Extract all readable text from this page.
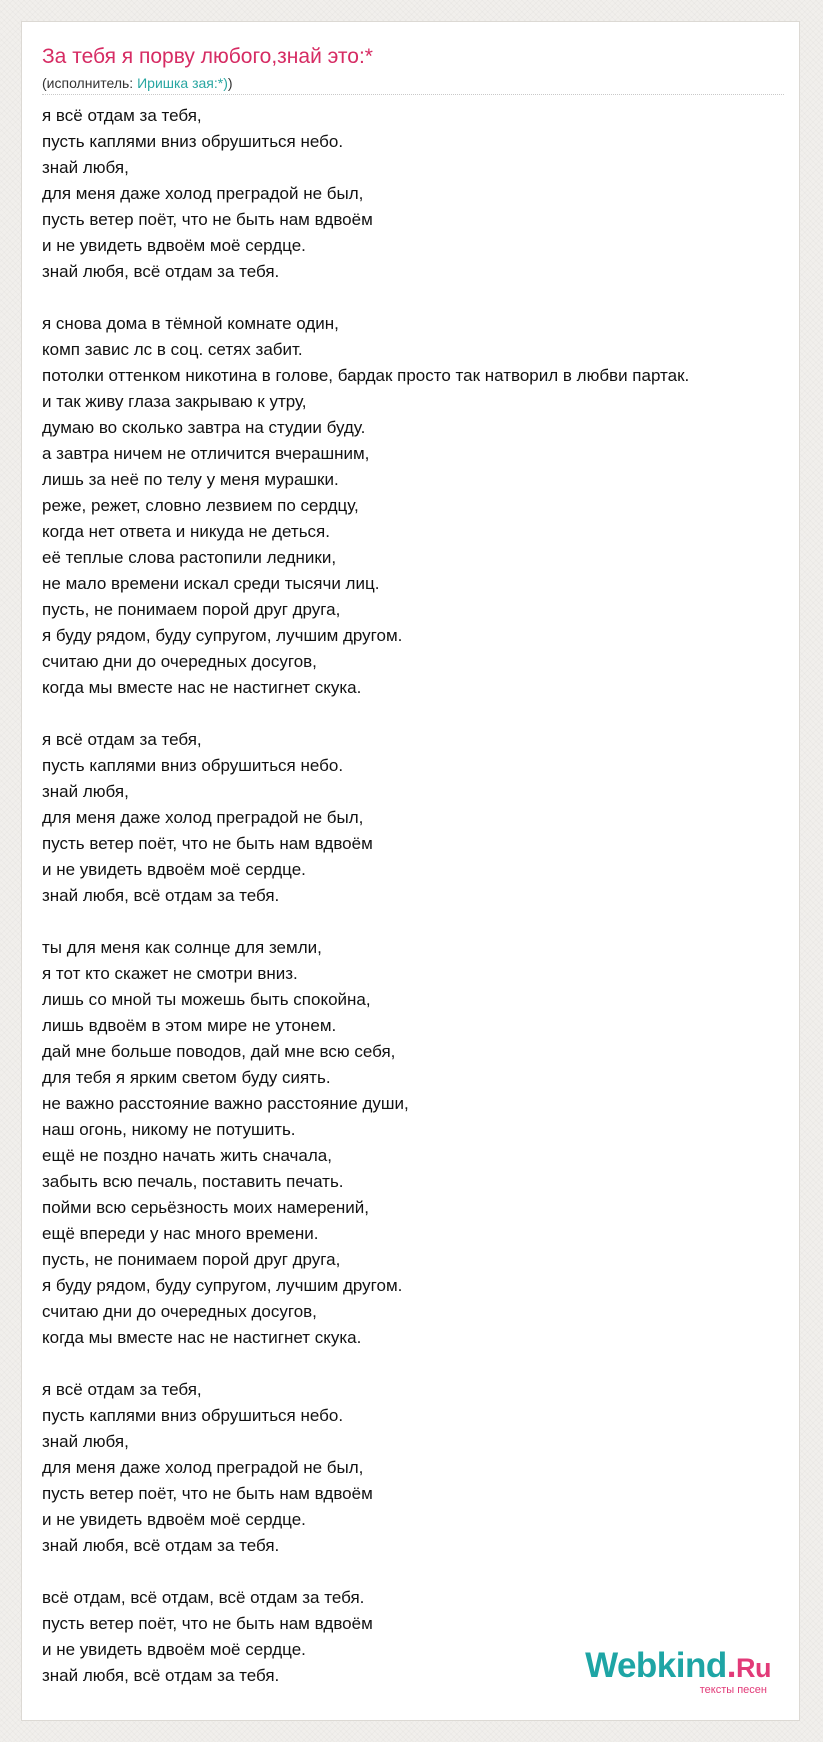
За тебя я порву любого,знай это:*
(исполнитель: Иришка зая:*))
я всё отдам за тебя,
пусть каплями вниз обрушиться небо.
знай любя,
для меня даже холод преградой не был,
пусть ветер поёт, что не быть нам вдвоём
и не увидеть вдвоём моё сердце.
знай любя, всё отдам за тебя.
я снова дома в тёмной комнате один,
комп завис лс в соц. сетях забит.
потолки оттенком никотина в голове, бардак просто так натворил в любви партак.
и так живу глаза закрываю к утру,
думаю во сколько завтра на студии буду.
а завтра ничем не отличится вчерашним,
лишь за неё по телу у меня мурашки.
реже, режет, словно лезвием по сердцу,
когда нет ответа и никуда не деться.
её теплые слова растопили ледники,
не мало времени искал среди тысячи лиц.
пусть, не понимаем порой друг друга,
я буду рядом, буду супругом, лучшим другом.
считаю дни до очередных досугов,
когда мы вместе нас не настигнет скука.
я всё отдам за тебя,
пусть каплями вниз обрушиться небо.
знай любя,
для меня даже холод преградой не был,
пусть ветер поёт, что не быть нам вдвоём
и не увидеть вдвоём моё сердце.
знай любя, всё отдам за тебя.
ты для меня как солнце для земли,
я тот кто скажет не смотри вниз.
лишь со мной ты можешь быть спокойна,
лишь вдвоём в этом мире не утонем.
дай мне больше поводов, дай мне всю себя,
для тебя я ярким светом буду сиять.
не важно расстояние важно расстояние души,
наш огонь, никому не потушить.
ещё не поздно начать жить сначала,
забыть всю печаль, поставить печать.
пойми всю серьёзность моих намерений,
ещё впереди у нас много времени.
пусть, не понимаем порой друг друга,
я буду рядом, буду супругом, лучшим другом.
считаю дни до очередных досугов,
когда мы вместе нас не настигнет скука.
я всё отдам за тебя,
пусть каплями вниз обрушиться небо.
знай любя,
для меня даже холод преградой не был,
пусть ветер поёт, что не быть нам вдвоём
и не увидеть вдвоём моё сердце.
знай любя, всё отдам за тебя.
всё отдам, всё отдам, всё отдам за тебя.
пусть ветер поёт, что не быть нам вдвоём
и не увидеть вдвоём моё сердце.
знай любя, всё отдам за тебя.	Webkind.Ru
тексты песен
